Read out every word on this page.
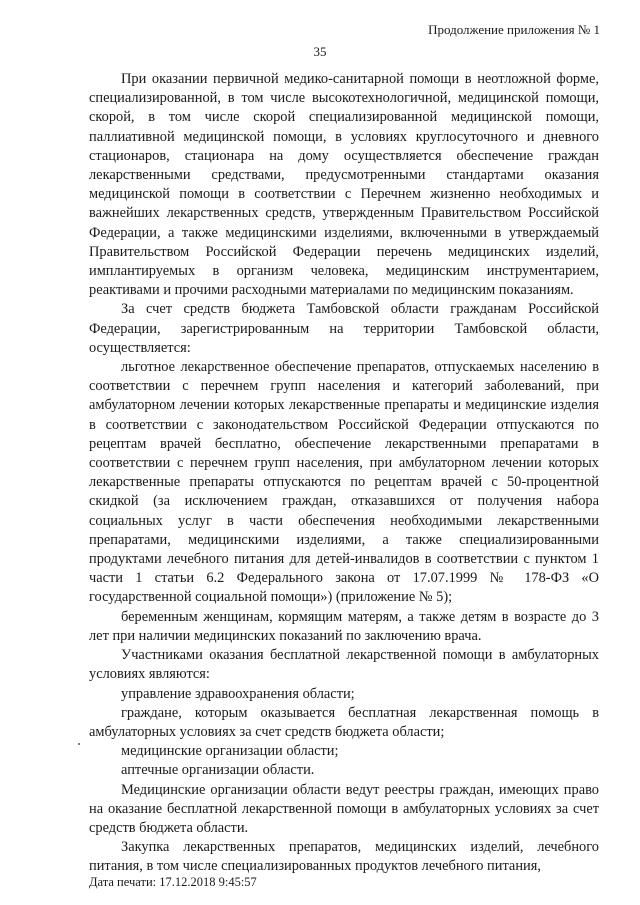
Продолжение приложения № 1
35

При оказании первичной медико-санитарной помощи в неотложной форме, специализированной, в том числе высокотехнологичной, медицинской помощи, скорой, в том числе скорой специализированной медицинской помощи, паллиативной медицинской помощи, в условиях круглосуточного и дневного стационаров, стационара на дому осуществляется обеспечение граждан лекарственными средствами, предусмотренными стандартами оказания медицинской помощи в соответствии с Перечнем жизненно необходимых и важнейших лекарственных средств, утвержденным Правительством Российской Федерации, а также медицинскими изделиями, включенными в утверждаемый Правительством Российской Федерации перечень медицинских изделий, имплантируемых в организм человека, медицинским инструментарием, реактивами и прочими расходными материалами по медицинским показаниям.

За счет средств бюджета Тамбовской области гражданам Российской Федерации, зарегистрированным на территории Тамбовской области, осуществляется:

льготное лекарственное обеспечение препаратов, отпускаемых населению в соответствии с перечнем групп населения и категорий заболеваний, при амбулаторном лечении которых лекарственные препараты и медицинские изделия в соответствии с законодательством Российской Федерации отпускаются по рецептам врачей бесплатно, обеспечение лекарственными препаратами в соответствии с перечнем групп населения, при амбулаторном лечении которых лекарственные препараты отпускаются по рецептам врачей с 50-процентной скидкой (за исключением граждан, отказавшихся от получения набора социальных услуг в части обеспечения необходимыми лекарственными препаратами, медицинскими изделиями, а также специализированными продуктами лечебного питания для детей-инвалидов в соответствии с пунктом 1 части 1 статьи 6.2 Федерального закона от 17.07.1999 № 178-ФЗ «О государственной социальной помощи») (приложение № 5);

беременным женщинам, кормящим матерям, а также детям в возрасте до 3 лет при наличии медицинских показаний по заключению врача.

Участниками оказания бесплатной лекарственной помощи в амбулаторных условиях являются:

управление здравоохранения области;

граждане, которым оказывается бесплатная лекарственная помощь в амбулаторных условиях за счет средств бюджета области;

медицинские организации области;

аптечные организации области.

Медицинские организации области ведут реестры граждан, имеющих право на оказание бесплатной лекарственной помощи в амбулаторных условиях за счет средств бюджета области.

Закупка лекарственных препаратов, медицинских изделий, лечебного питания, в том числе специализированных продуктов лечебного питания,

Дата печати: 17.12.2018 9:45:57
